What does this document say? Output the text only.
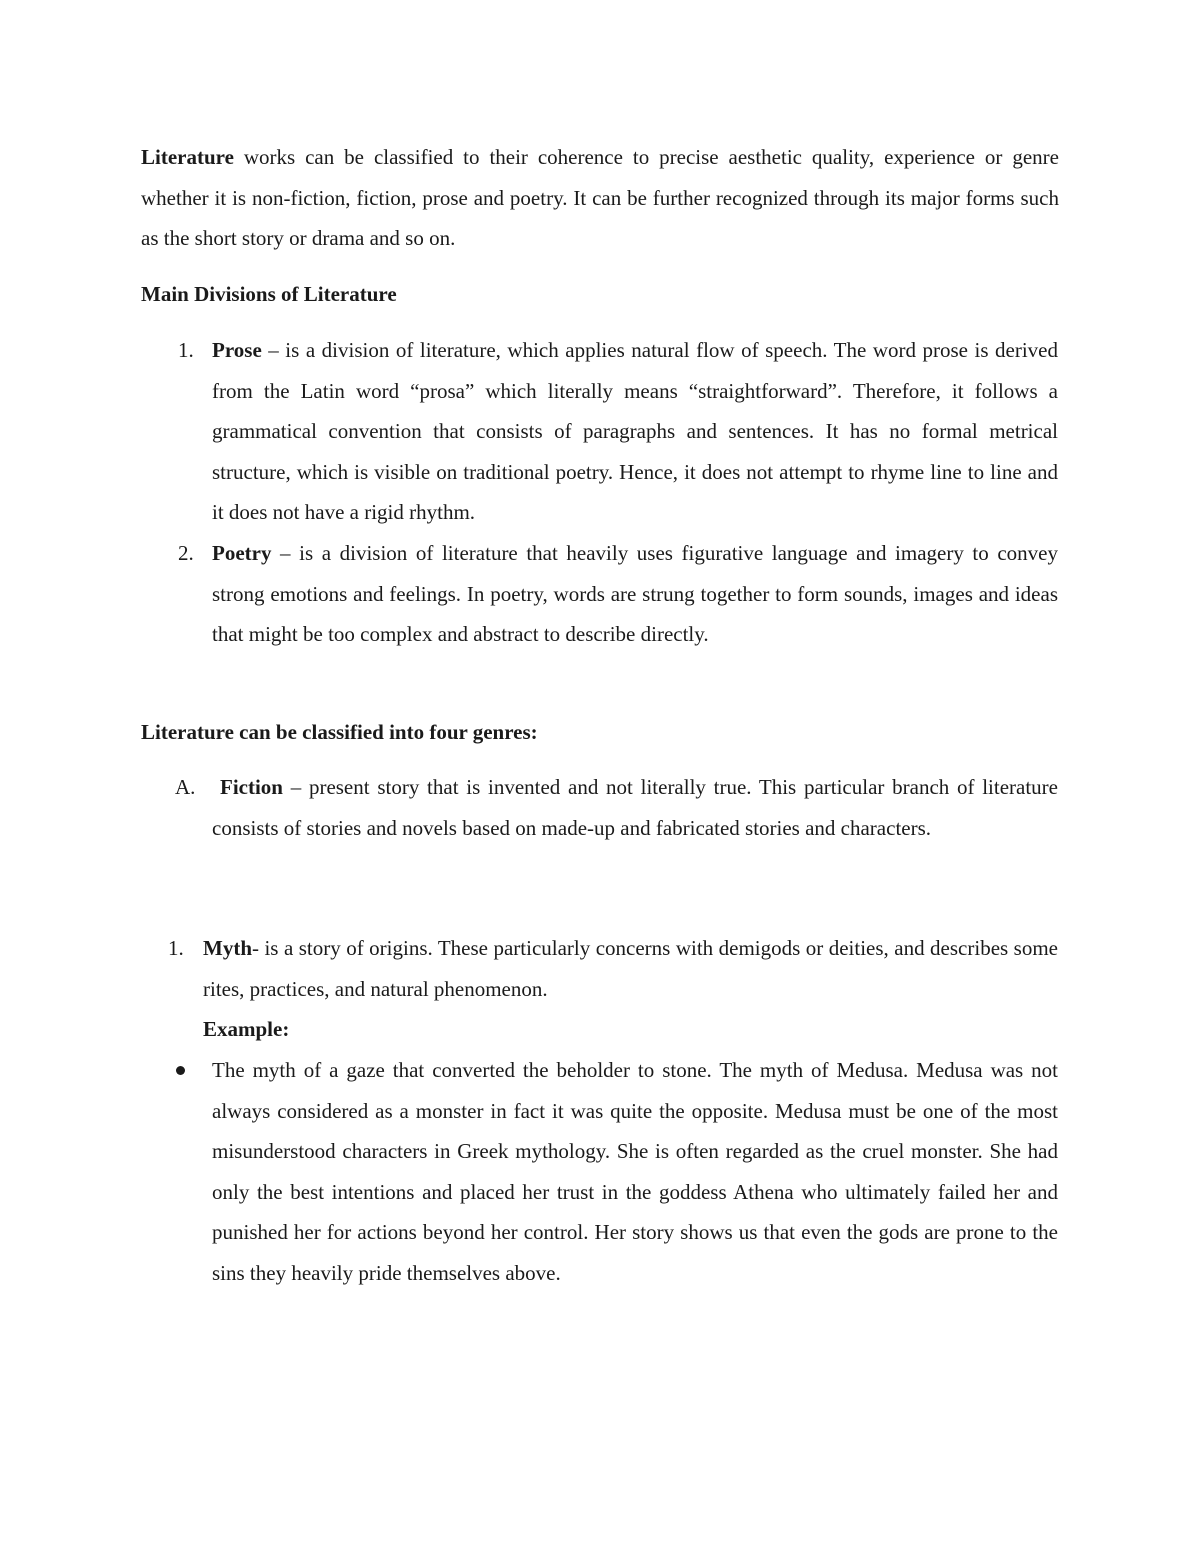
Literature works can be classified to their coherence to precise aesthetic quality, experience or genre whether it is non-fiction, fiction, prose and poetry. It can be further recognized through its major forms such as the short story or drama and so on.

Main Divisions of Literature

1. Prose – is a division of literature, which applies natural flow of speech. The word prose is derived from the Latin word “prosa” which literally means “straightforward”. Therefore, it follows a grammatical convention that consists of paragraphs and sentences. It has no formal metrical structure, which is visible on traditional poetry. Hence, it does not attempt to rhyme line to line and it does not have a rigid rhythm.

2. Poetry – is a division of literature that heavily uses figurative language and imagery to convey strong emotions and feelings. In poetry, words are strung together to form sounds, images and ideas that might be too complex and abstract to describe directly.

Literature can be classified into four genres:

A.	Fiction – present story that is invented and not literally true. This particular branch of literature consists of stories and novels based on made-up and fabricated stories and characters.

1. Myth- is a story of origins. These particularly concerns with demigods or deities, and describes some rites, practices, and natural phenomenon.

Example:

The myth of a gaze that converted the beholder to stone. The myth of Medusa. Medusa was not always considered as a monster in fact it was quite the opposite. Medusa must be one of the most misunderstood characters in Greek mythology. She is often regarded as the cruel monster. She had only the best intentions and placed her trust in the goddess Athena who ultimately failed her and punished her for actions beyond her control. Her story shows us that even the gods are prone to the sins they heavily pride themselves above.
